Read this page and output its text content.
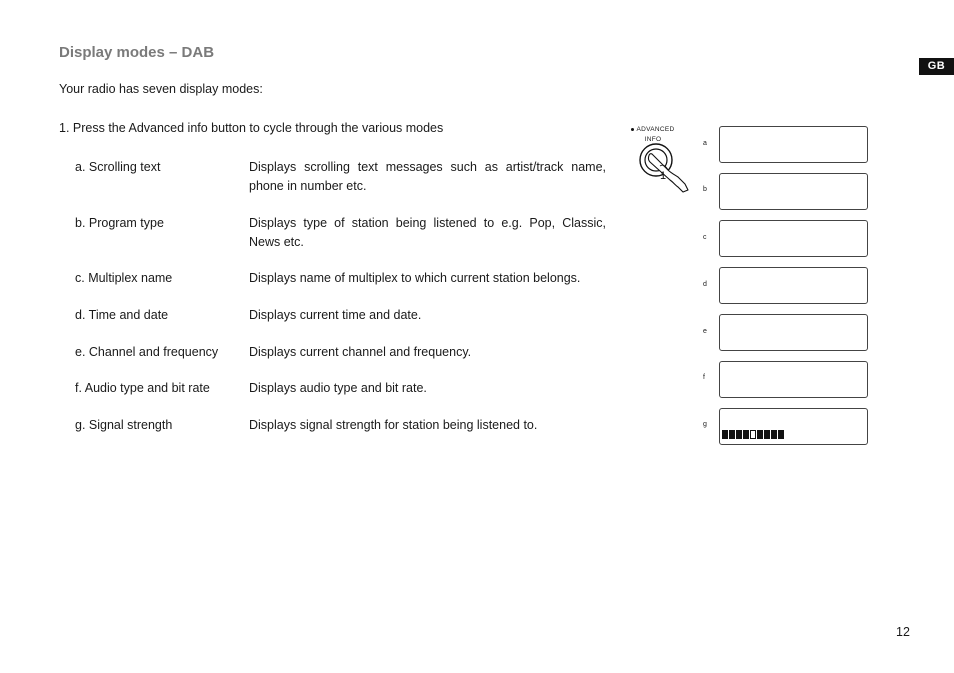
Display modes – DAB
GB

Your radio has seven display modes:

1. Press the Advanced info button to cycle through the various modes

a. Scrolling text	Displays scrolling text messages such as artist/track name, phone in number etc.
b. Program type	Displays type of station being listened to e.g. Pop, Classic, News etc.
c. Multiplex name	Displays name of multiplex to which current station belongs.
d. Time and date	Displays current time and date.
e. Channel and frequency Displays current channel and frequency.
f. Audio type and bit rate	Displays audio type and bit rate.
g. Signal strength	Displays signal strength for station being listened to.
ADVANCED
INFO
1
a
b
c
d
e
f
g
12
